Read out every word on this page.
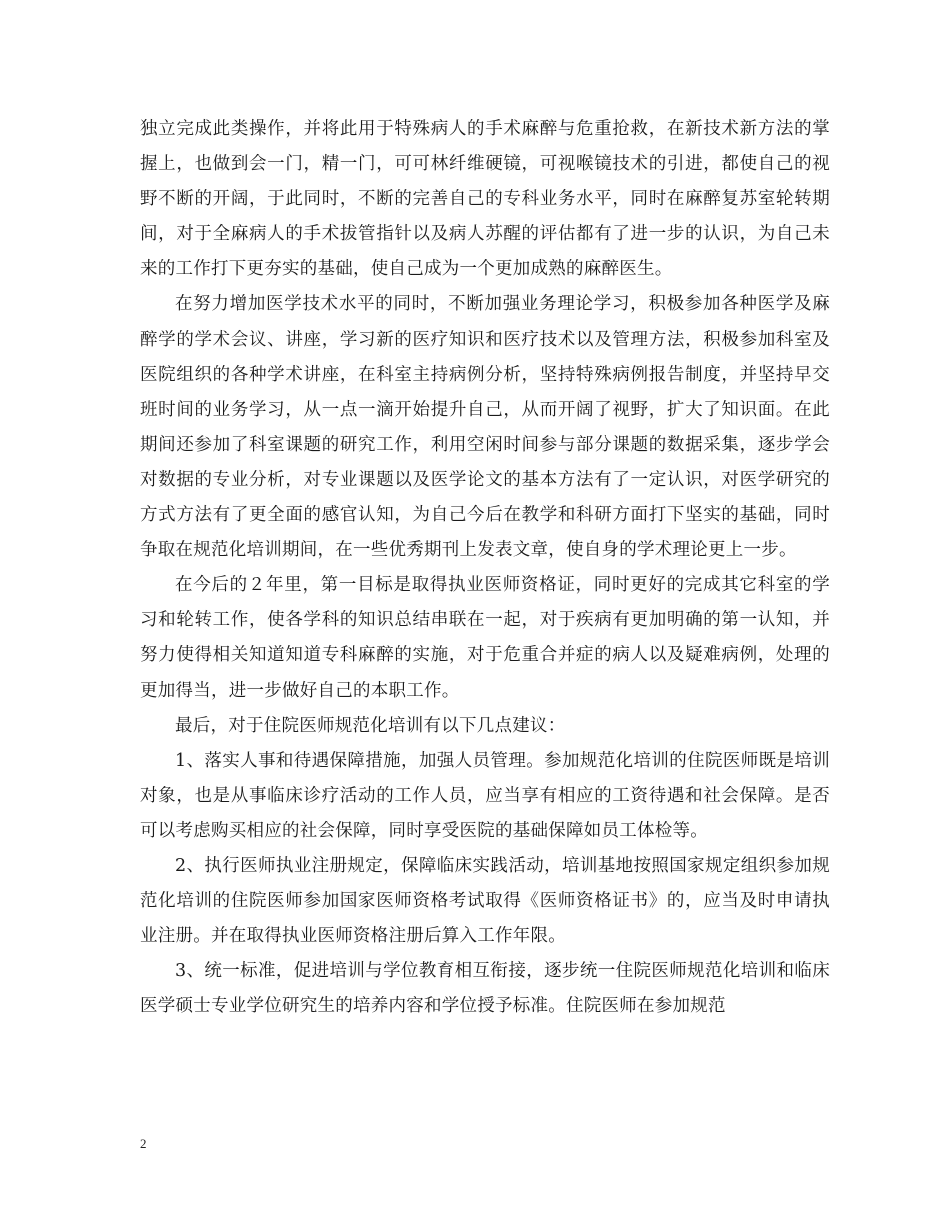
独立完成此类操作，并将此用于特殊病人的手术麻醉与危重抢救，在新技术新方法的掌握上，也做到会一门，精一门，可可林纤维硬镜，可视喉镜技术的引进，都使自己的视野不断的开阔，于此同时，不断的完善自己的专科业务水平，同时在麻醉复苏室轮转期间，对于全麻病人的手术拔管指针以及病人苏醒的评估都有了进一步的认识，为自己未来的工作打下更夯实的基础，使自己成为一个更加成熟的麻醉医生。

在努力增加医学技术水平的同时，不断加强业务理论学习，积极参加各种医学及麻醉学的学术会议、讲座，学习新的医疗知识和医疗技术以及管理方法，积极参加科室及医院组织的各种学术讲座，在科室主持病例分析，坚持特殊病例报告制度，并坚持早交班时间的业务学习，从一点一滴开始提升自己，从而开阔了视野，扩大了知识面。在此期间还参加了科室课题的研究工作，利用空闲时间参与部分课题的数据采集，逐步学会对数据的专业分析，对专业课题以及医学论文的基本方法有了一定认识，对医学研究的方式方法有了更全面的感官认知，为自己今后在教学和科研方面打下坚实的基础，同时争取在规范化培训期间，在一些优秀期刊上发表文章，使自身的学术理论更上一步。

在今后的２年里，第一目标是取得执业医师资格证，同时更好的完成其它科室的学习和轮转工作，使各学科的知识总结串联在一起，对于疾病有更加明确的第一认知，并努力使得相关知道知道专科麻醉的实施，对于危重合并症的病人以及疑难病例，处理的更加得当，进一步做好自己的本职工作。

最后，对于住院医师规范化培训有以下几点建议：

1、落实人事和待遇保障措施，加强人员管理。参加规范化培训的住院医师既是培训对象，也是从事临床诊疗活动的工作人员，应当享有相应的工资待遇和社会保障。是否可以考虑购买相应的社会保障，同时享受医院的基础保障如员工体检等。

2、执行医师执业注册规定，保障临床实践活动，培训基地按照国家规定组织参加规范化培训的住院医师参加国家医师资格考试取得《医师资格证书》的，应当及时申请执业注册。并在取得执业医师资格注册后算入工作年限。

3、统一标准，促进培训与学位教育相互衔接，逐步统一住院医师规范化培训和临床医学硕士专业学位研究生的培养内容和学位授予标准。住院医师在参加规范

2
